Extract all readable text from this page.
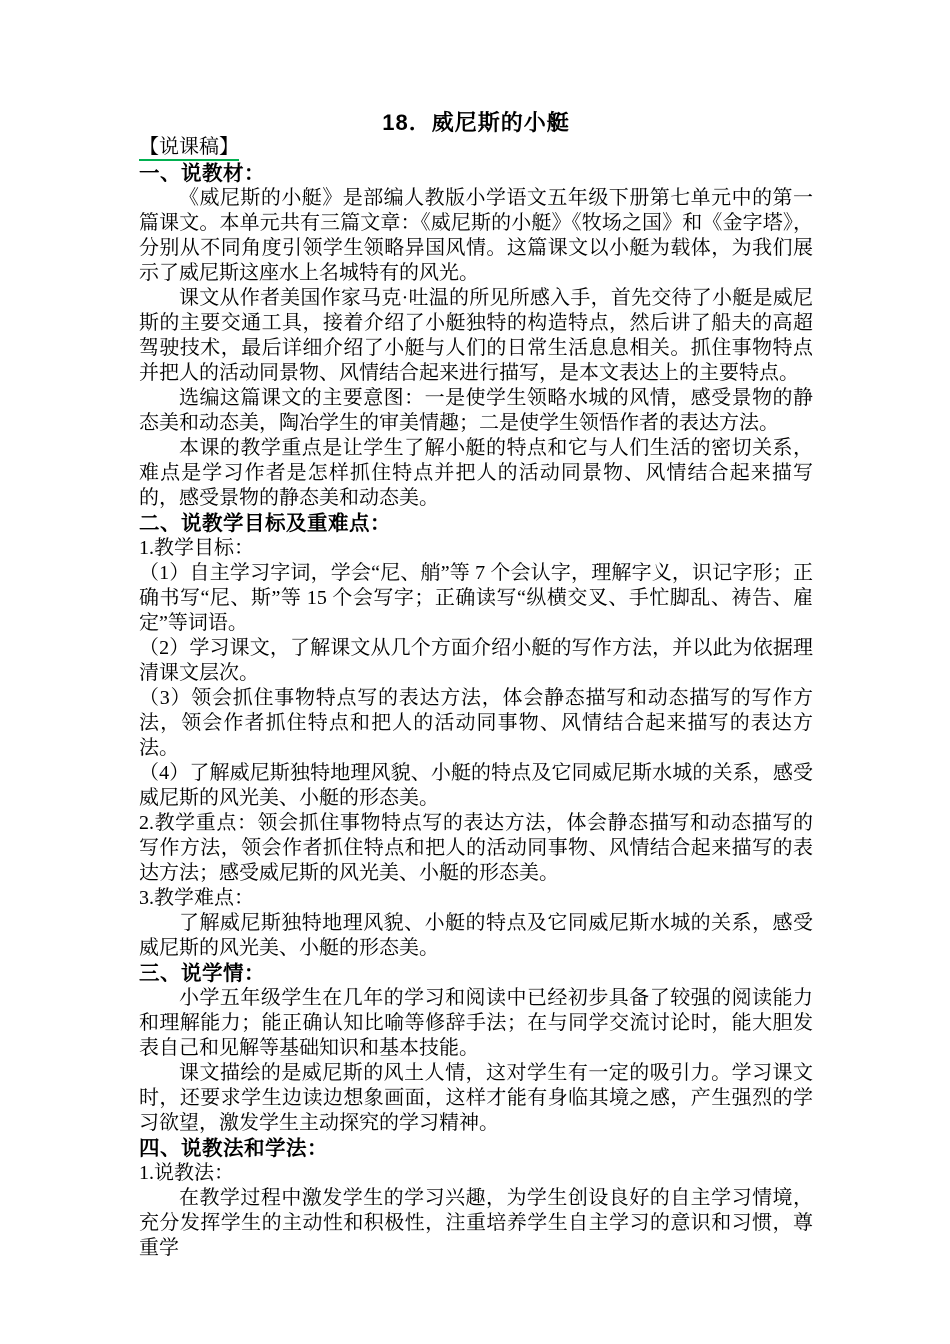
18．威尼斯的小艇

【说课稿】

一、说教材：

《威尼斯的小艇》是部编人教版小学语文五年级下册第七单元中的第一篇课文。本单元共有三篇文章：《威尼斯的小艇》《牧场之国》和《金字塔》，分别从不同角度引领学生领略异国风情。这篇课文以小艇为载体，为我们展示了威尼斯这座水上名城特有的风光。

课文从作者美国作家马克·吐温的所见所感入手，首先交待了小艇是威尼斯的主要交通工具，接着介绍了小艇独特的构造特点，然后讲了船夫的高超驾驶技术，最后详细介绍了小艇与人们的日常生活息息相关。抓住事物特点并把人的活动同景物、风情结合起来进行描写，是本文表达上的主要特点。

选编这篇课文的主要意图：一是使学生领略水城的风情，感受景物的静态美和动态美，陶冶学生的审美情趣；二是使学生领悟作者的表达方法。

本课的教学重点是让学生了解小艇的特点和它与人们生活的密切关系，难点是学习作者是怎样抓住特点并把人的活动同景物、风情结合起来描写的，感受景物的静态美和动态美。

二、说教学目标及重难点：

1.教学目标：

（1）自主学习字词，学会“尼、艄”等 7 个会认字，理解字义，识记字形；正确书写“尼、斯”等 15 个会写字；正确读写“纵横交叉、手忙脚乱、祷告、雇定”等词语。

（2）学习课文，了解课文从几个方面介绍小艇的写作方法，并以此为依据理清课文层次。

（3）领会抓住事物特点写的表达方法，体会静态描写和动态描写的写作方法，领会作者抓住特点和把人的活动同事物、风情结合起来描写的表达方法。

（4）了解威尼斯独特地理风貌、小艇的特点及它同威尼斯水城的关系，感受威尼斯的风光美、小艇的形态美。

2.教学重点：领会抓住事物特点写的表达方法，体会静态描写和动态描写的写作方法，领会作者抓住特点和把人的活动同事物、风情结合起来描写的表达方法；感受威尼斯的风光美、小艇的形态美。

3.教学难点：

了解威尼斯独特地理风貌、小艇的特点及它同威尼斯水城的关系，感受威尼斯的风光美、小艇的形态美。

三、说学情：

小学五年级学生在几年的学习和阅读中已经初步具备了较强的阅读能力和理解能力；能正确认知比喻等修辞手法；在与同学交流讨论时，能大胆发表自己和见解等基础知识和基本技能。

课文描绘的是威尼斯的风土人情，这对学生有一定的吸引力。学习课文时，还要求学生边读边想象画面，这样才能有身临其境之感，产生强烈的学习欲望，激发学生主动探究的学习精神。

四、说教法和学法：

1.说教法：

在教学过程中激发学生的学习兴趣，为学生创设良好的自主学习情境，充分发挥学生的主动性和积极性，注重培养学生自主学习的意识和习惯，尊重学
